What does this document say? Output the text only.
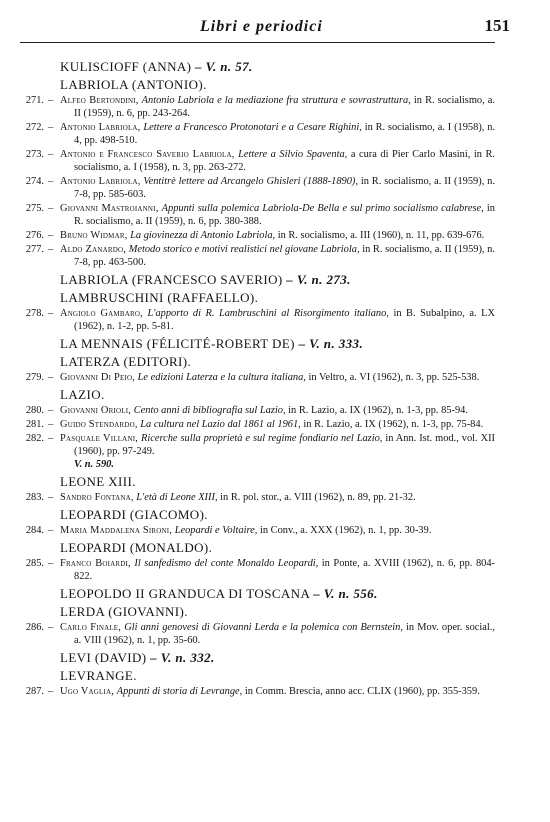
Libri e periodici	151
KULISCIOFF (ANNA) – V. n. 57.
LABRIOLA (ANTONIO).
271. – Alfeo Bertondini, Antonio Labriola e la mediazione fra struttura e sovrastruttura, in R. socialismo, a. II (1959), n. 6, pp. 243-264.
272. – Antonio Labriola, Lettere a Francesco Protonotari e a Cesare Righini, in R. socialismo, a. I (1958), n. 4, pp. 498-510.
273. – Antonio e Francesco Saverio Labriola, Lettere a Silvio Spaventa, a cura di Pier Carlo Masini, in R. socialismo, a. I (1958), n. 3, pp. 263-272.
274. – Antonio Labriola, Ventitrè lettere ad Arcangelo Ghisleri (1888-1890), in R. socialismo, a. II (1959), n. 7-8, pp. 585-603.
275. – Giovanni Mastroianni, Appunti sulla polemica Labriola-De Bella e sul primo socialismo calabrese, in R. socialismo, a. II (1959), n. 6, pp. 380-388.
276. – Bruno Widmar, La giovinezza di Antonio Labriola, in R. socialismo, a. III (1960), n. 11, pp. 639-676.
277. – Aldo Zanardo, Metodo storico e motivi realistici nel giovane Labriola, in R. socialismo, a. II (1959), n. 7-8, pp. 463-500.
LABRIOLA (FRANCESCO SAVERIO) – V. n. 273.
LAMBRUSCHINI (RAFFAELLO).
278. – Angiolo Gambaro, L'apporto di R. Lambruschini al Risorgimento italiano, in B. Subalpino, a. LX (1962), n. 1-2, pp. 5-81.
LA MENNAIS (FÉLICITÉ-ROBERT DE) – V. n. 333.
LATERZA (EDITORI).
279. – Giovanni Di Peio, Le edizioni Laterza e la cultura italiana, in Veltro, a. VI (1962), n. 3, pp. 525-538.
LAZIO.
280. – Giovanni Orioli, Cento anni di bibliografia sul Lazio, in R. Lazio, a. IX (1962), n. 1-3, pp. 85-94.
281. – Guido Stendardo, La cultura nel Lazio dal 1861 al 1961, in R. Lazio, a. IX (1962), n. 1-3, pp. 75-84.
282. – Pasquale Villani, Ricerche sulla proprietà e sul regime fondiario nel Lazio, in Ann. Ist. mod., vol. XII (1960), pp. 97-249.
V. n. 590.
LEONE XIII.
283. – Sandro Fontana, L'età di Leone XIII, in R. pol. stor., a. VIII (1962), n. 89, pp. 21-32.
LEOPARDI (GIACOMO).
284. – Maria Maddalena Sironi, Leopardi e Voltaire, in Conv., a. XXX (1962), n. 1, pp. 30-39.
LEOPARDI (MONALDO).
285. – Franco Boiardi, Il sanfedismo del conte Monaldo Leopardi, in Ponte, a. XVIII (1962), n. 6, pp. 804-822.
LEOPOLDO II GRANDUCA DI TOSCANA – V. n. 556.
LERDA (GIOVANNI).
286. – Carlo Finale, Gli anni genovesi di Giovanni Lerda e la polemica con Bernstein, in Mov. oper. social., a. VIII (1962), n. 1, pp. 35-60.
LEVI (DAVID) – V. n. 332.
LEVRANGE.
287. – Ugo Vaglia, Appunti di storia di Levrange, in Comm. Brescia, anno acc. CLIX (1960), pp. 355-359.
